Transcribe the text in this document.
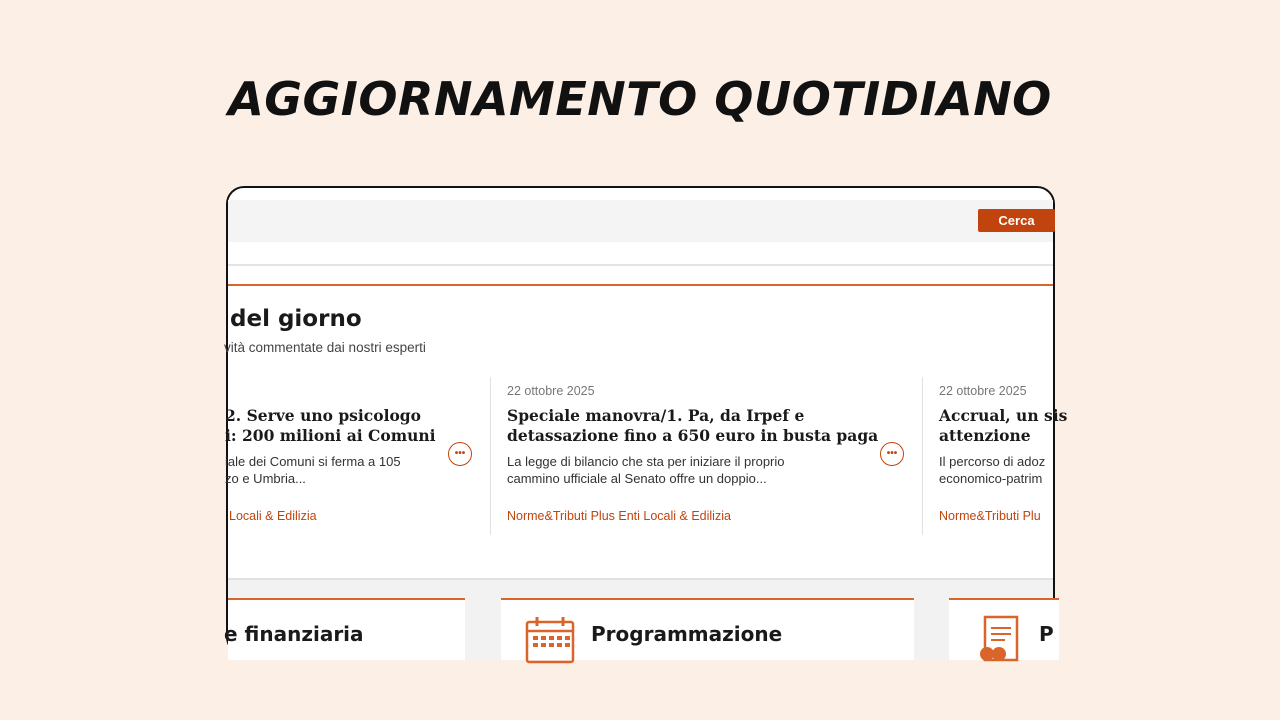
AGGIORNAMENTO QUOTIDIANO
Cerca
del giorno
vità commentate dai nostri esperti
2. Serve uno psicologo
i: 200 milioni ai Comuni
iale dei Comuni si ferma a 105
zo e Umbria...
Locali & Edilizia
•••
22 ottobre 2025
Speciale manovra/1. Pa, da Irpef e
detassazione fino a 650 euro in busta paga
La legge di bilancio che sta per iniziare il proprio
cammino ufficiale al Senato offre un doppio...
Norme&Tributi Plus Enti Locali & Edilizia
•••
22 ottobre 2025
Accrual, un sis
attenzione
Il percorso di adoz
economico-patrim
Norme&Tributi Plu
e finanziaria	Programmazione	P
